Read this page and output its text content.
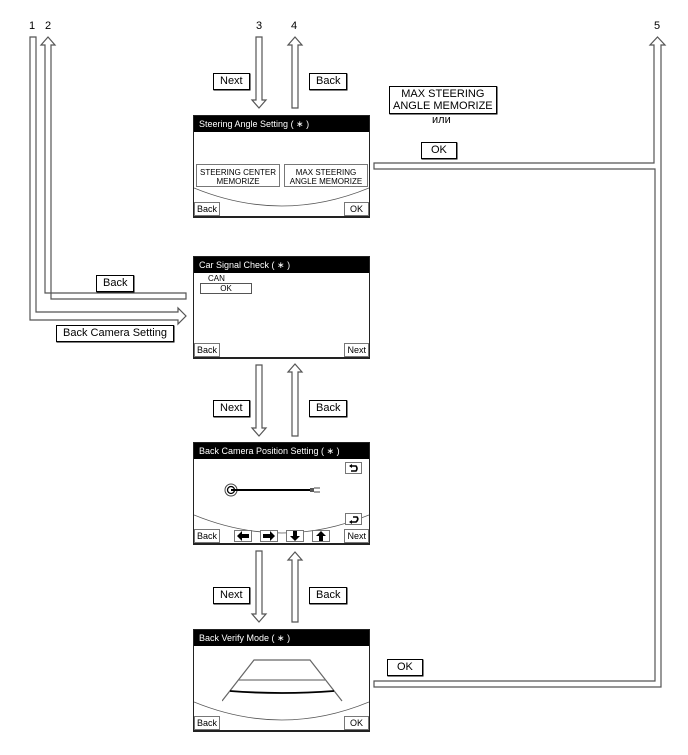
1 2	3	4	5
Next	Back
MAX STEERING
ANGLE MEMORIZE
или
OK
Back
Back Camera Setting
Next	Back
Next	Back
OK
Steering Angle Setting ( ∗ )
STEERING CENTER
MEMORIZE
MAX STEERING
ANGLE MEMORIZE
Back	OK
Car Signal Check ( ∗ )
CAN
OK
Back	Next
Back Camera Position Setting ( ∗ )
Back	Next
Back Verify Mode ( ∗ )
Back	OK
